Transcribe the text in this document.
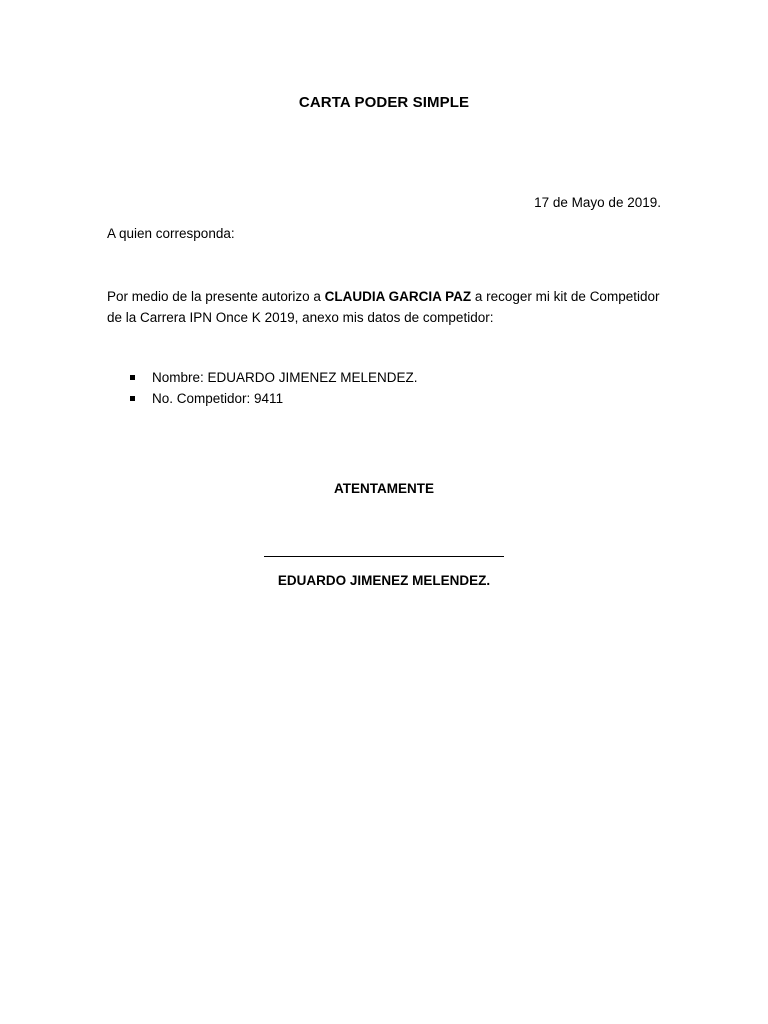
CARTA PODER SIMPLE
17 de Mayo de 2019.
A quien corresponda:
Por medio de la presente autorizo a CLAUDIA GARCIA PAZ a recoger mi kit de Competidor de la Carrera IPN Once K 2019, anexo mis datos de competidor:
Nombre: EDUARDO JIMENEZ MELENDEZ.
No. Competidor: 9411
ATENTAMENTE
EDUARDO JIMENEZ MELENDEZ.
